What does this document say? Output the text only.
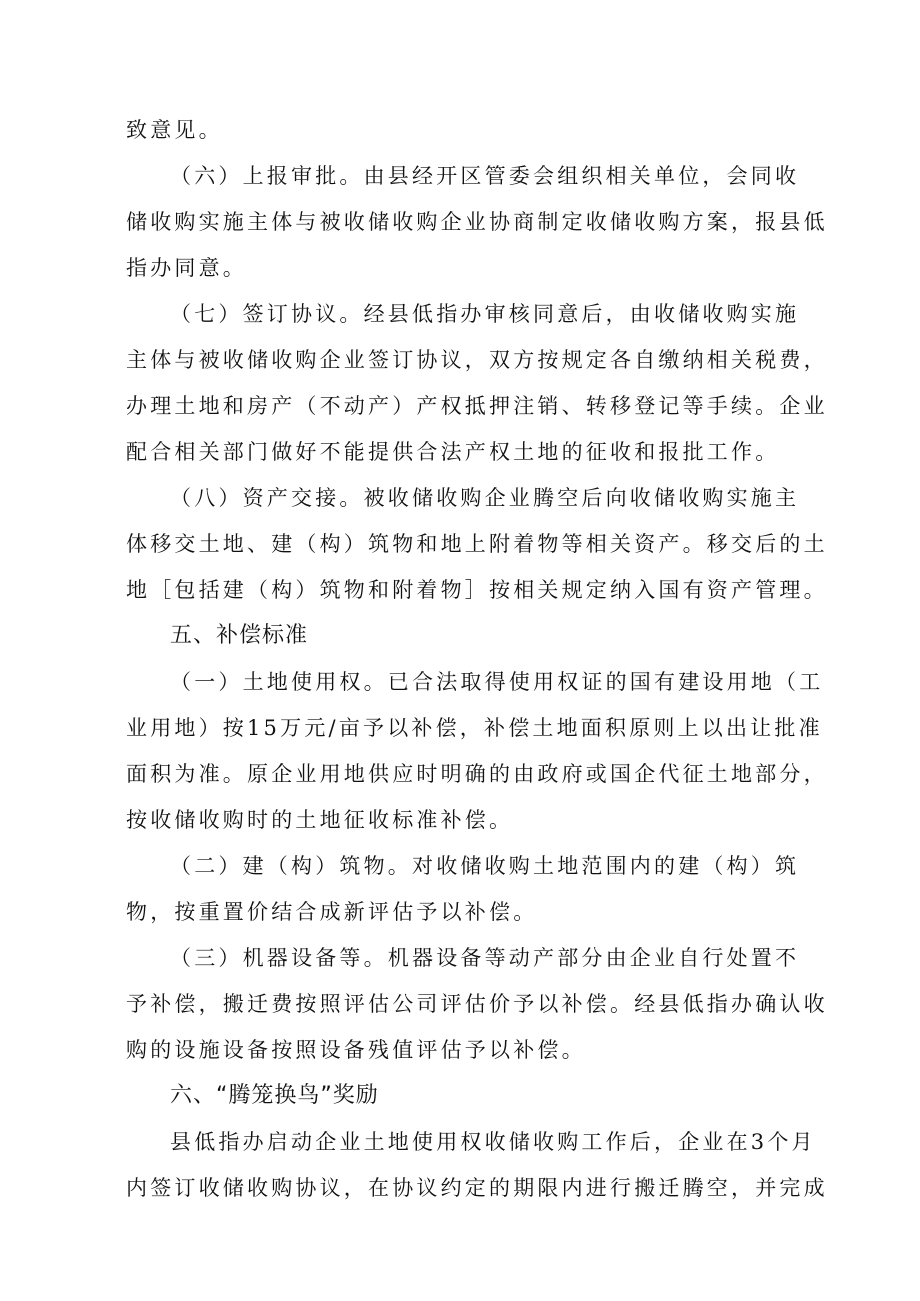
致意见。
（六）上报审批。由县经开区管委会组织相关单位，会同收
储收购实施主体与被收储收购企业协商制定收储收购方案，报县低
指办同意。
（七）签订协议。经县低指办审核同意后，由收储收购实施
主体与被收储收购企业签订协议，双方按规定各自缴纳相关税费，
办理土地和房产（不动产）产权抵押注销、转移登记等手续。企业
配合相关部门做好不能提供合法产权土地的征收和报批工作。
（八）资产交接。被收储收购企业腾空后向收储收购实施主
体移交土地、建（构）筑物和地上附着物等相关资产。移交后的土
地［包括建（构）筑物和附着物］按相关规定纳入国有资产管理。
五、补偿标准
（一）土地使用权。已合法取得使用权证的国有建设用地（工
业用地）按15万元/亩予以补偿，补偿土地面积原则上以出让批准
面积为准。原企业用地供应时明确的由政府或国企代征土地部分，
按收储收购时的土地征收标准补偿。
（二）建（构）筑物。对收储收购土地范围内的建（构）筑
物，按重置价结合成新评估予以补偿。
（三）机器设备等。机器设备等动产部分由企业自行处置不
予补偿，搬迁费按照评估公司评估价予以补偿。经县低指办确认收
购的设施设备按照设备残值评估予以补偿。
六、“腾笼换鸟”奖励
县低指办启动企业土地使用权收储收购工作后，企业在3个月
内签订收储收购协议，在协议约定的期限内进行搬迁腾空，并完成
